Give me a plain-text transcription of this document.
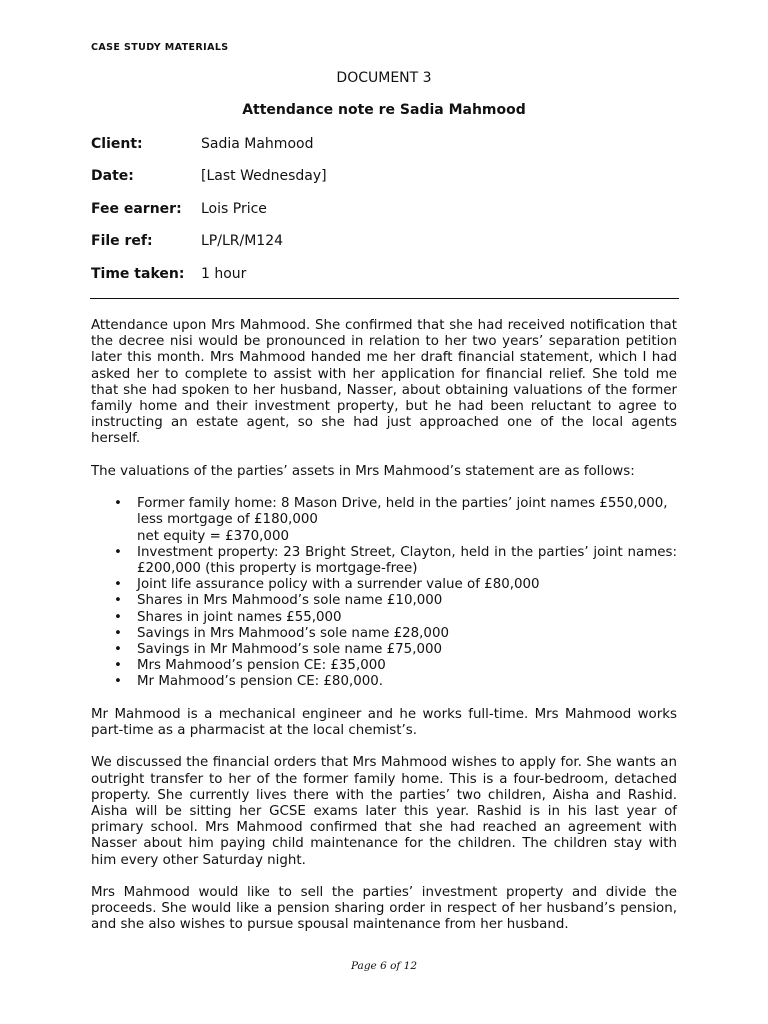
CASE STUDY MATERIALS
DOCUMENT 3
Attendance note re Sadia Mahmood
Client:	Sadia Mahmood
Date:	[Last Wednesday]
Fee earner:	Lois Price
File ref:	LP/LR/M124
Time taken:	1 hour

Attendance upon Mrs Mahmood. She confirmed that she had received notification that the decree nisi would be pronounced in relation to her two years’ separation petition later this month. Mrs Mahmood handed me her draft financial statement, which I had asked her to complete to assist with her application for financial relief. She told me that she had spoken to her husband, Nasser, about obtaining valuations of the former family home and their investment property, but he had been reluctant to agree to instructing an estate agent, so she had just approached one of the local agents herself.

The valuations of the parties’ assets in Mrs Mahmood’s statement are as follows:

• Former family home: 8 Mason Drive, held in the parties’ joint names £550,000,
less mortgage of £180,000
net equity = £370,000
• Investment property: 23 Bright Street, Clayton, held in the parties’ joint names: £200,000 (this property is mortgage-free)
• Joint life assurance policy with a surrender value of £80,000
• Shares in Mrs Mahmood’s sole name £10,000
• Shares in joint names £55,000
• Savings in Mrs Mahmood’s sole name £28,000
• Savings in Mr Mahmood’s sole name £75,000
• Mrs Mahmood’s pension CE: £35,000
• Mr Mahmood’s pension CE: £80,000.

Mr Mahmood is a mechanical engineer and he works full-time. Mrs Mahmood works part-time as a pharmacist at the local chemist’s.

We discussed the financial orders that Mrs Mahmood wishes to apply for. She wants an outright transfer to her of the former family home. This is a four-bedroom, detached property. She currently lives there with the parties’ two children, Aisha and Rashid. Aisha will be sitting her GCSE exams later this year. Rashid is in his last year of primary school. Mrs Mahmood confirmed that she had reached an agreement with Nasser about him paying child maintenance for the children. The children stay with him every other Saturday night.

Mrs Mahmood would like to sell the parties’ investment property and divide the proceeds. She would like a pension sharing order in respect of her husband’s pension, and she also wishes to pursue spousal maintenance from her husband.

Page 6 of 12
